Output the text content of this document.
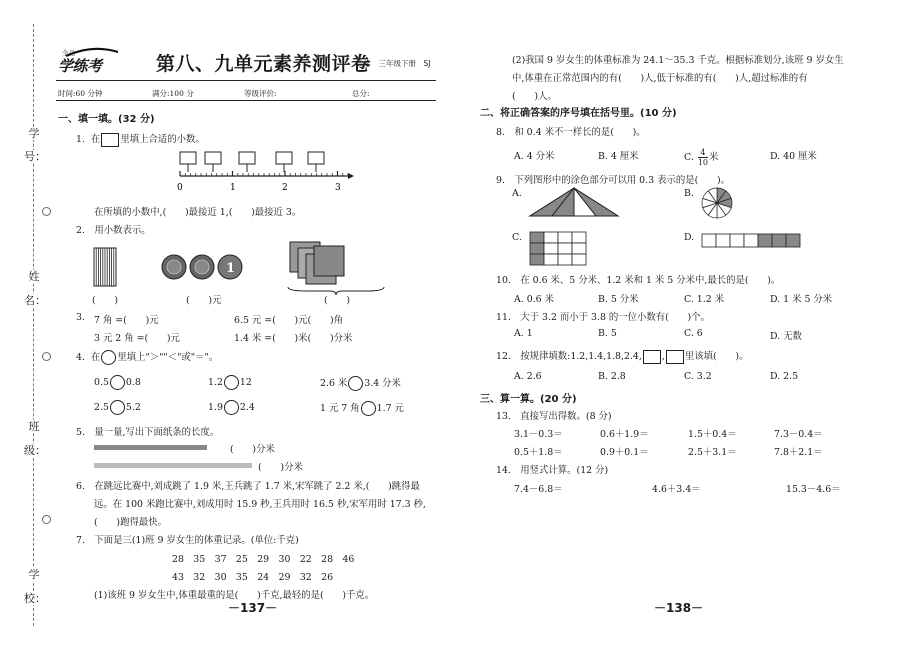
学
号：
姓
名：
班
级：
学
校：
全品
学练考	第八、九单元素养测评卷
数学　三年级下册　SJ
时间:60 分钟	满分:100 分	等级评价:	总分:
一、填一填。(32 分)
1. 在 里填上合适的小数。
0	1	2	3
在所填的小数中,(　　)最接近 1,(　　)最接近 3。
2.　用小数表示。
1
(　　)	(　　)元	(　　)
3. 7 角 =(　　)元	6.5 元 =(　　)元(　　)角
3 元 2 角 =(　　)元	1.4 米 =(　　)米(　　)分米
4. 在 里填上"＞""＜"或"＝"。
0.5 0.8	1.2 12	2.6 米 3.4 分米
2.5 5.2	1.9 2.4	1 元 7 角 1.7 元
5.　量一量,写出下面纸条的长度。
(　　)分米
(　　)分米
6.　在跳远比赛中,刘成跳了 1.9 米,王兵跳了 1.7 米,宋军跳了 2.2 米,(　　)跳得最
远。在 100 米跑比赛中,刘成用时 15.9 秒,王兵用时 16.5 秒,宋军用时 17.3 秒,
(　　)跑得最快。
7.　下面是三(1)班 9 岁女生的体重记录。(单位:千克)
28　35　37　25　29　30　22　28　46
43　32　30　35　24　29　32　26
(1)该班 9 岁女生中,体重最重的是(　　)千克,最轻的是(　　)千克。
－137－
(2)我国 9 岁女生的体重标准为 24.1～35.3 千克。根据标准划分,该班 9 岁女生
中,体重在正常范围内的有(　　)人,低于标准的有(　　)人,超过标准的有
(　　)人。
二、将正确答案的序号填在括号里。(10 分)
8.　和 0.4 米不一样长的是(　　)。
A. 4 分米	B. 4 厘米	C. $\frac{4}{10}$ 米	D. 40 厘米
9.　下列图形中的涂色部分可以用 0.3 表示的是(　　)。
A.	B.
C.	D.
10.　在 0.6 米、5 分米、1.2 米和 1 米 5 分米中,最长的是(　　)。
A. 0.6 米	B. 5 分米	C. 1.2 米	D. 1 米 5 分米
11.　大于 3.2 而小于 3.8 的一位小数有(　　)个。
A. 1	B. 5	C. 6	D. 无数
12.　按规律填数:1.2,1.4,1.8,2.4, , 里该填(　　)。
A. 2.6	B. 2.8	C. 3.2	D. 2.5
三、算一算。(20 分)
13.　直接写出得数。(8 分)
3.1－0.3＝	0.6＋1.9＝	1.5＋0.4＝	7.3－0.4＝
0.5＋1.8＝	0.9＋0.1＝	2.5＋3.1＝	7.8＋2.1＝
14.　用竖式计算。(12 分)
7.4－6.8＝	4.6＋3.4＝	15.3－4.6＝
－138－
